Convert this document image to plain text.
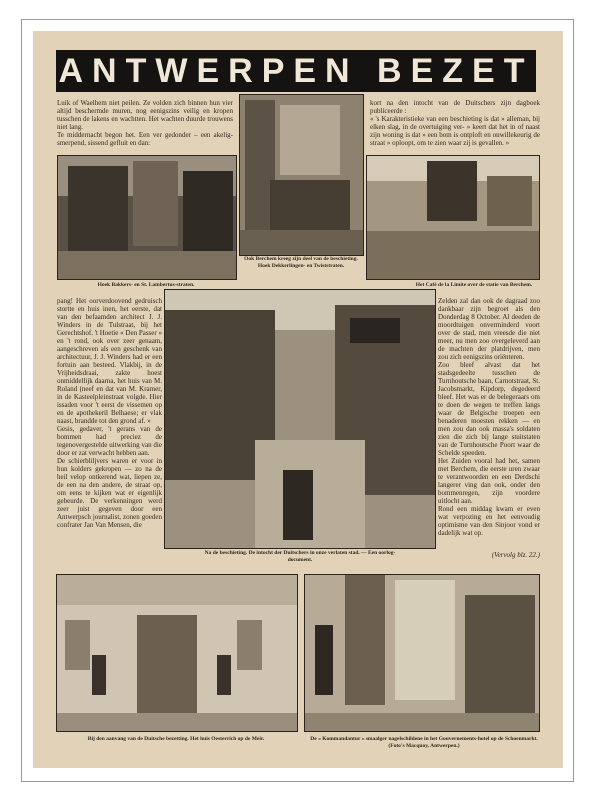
ANTWERPEN BEZET

Luik of Waelhem niet peilen. Ze volden zich binnen hun vier altijd beschermde muren, nog eenigszins veilig en kropen tusschen de lakens en wachtten. Het wachten duurde trouwens niet lang.

Te middernacht begon het. Een ver gedonder – een akelig-smerpend, sissend gefluit en dan:

kort na den intocht van de Duitschers zijn dagboek publiceerde :

« 's Karakteristieke van een beschieting is dat » alleman, bij elken slag, in de overtuiging ver- » keert dat het in of naast zijn woning is dat » een bom is ontploft en onwillekeurig de straat » oploopt, om te zien waar zij is gevallen. »

Hoek Bakkers- en St. Lambertus-straten.
Ook Berchem kreeg zijn deel van de beschieting. Hoek Dekkerlingen- en Twiststraten.
Het Café de la Limite over de statie van Berchem.

pang! Het oorverdoovend gedruisch stortte en huis inen, het eerste, dat van den befaamden architect J. J. Winders in de Tulstraat, bij het Gerechtshof. 't Hoetie « Den Passer » en 't rond, ook over zeer genaam, aangeschreven als een geschenk van architectuur, J. J. Winders had er een fortuin aan besteed. Vlakbij, in de Vrijheidsdraai, zakte hoest onmiddellijk daarna, het huis van M. Roland (neef en dat van M. Kramer, in de Kasteelpleinstraat volgde. Hier issaden voor 't eerst de vissemen op en de apothekeril Belhaese; er vlak naast, brandde tot den grond af. »

Gesis, gedaver, 't gerans van de bommen had preciez de tegenovergestelde uitwerking van die door er zat verwacht hebben aan.

De schierbliljvers waren er voor in hun kolders gekropen — zo na de heil velop ontkerend wat, liepen ze, de een na den andere, de straat op, om eens te kijken wat er eigenlijk gebeurde. De verkenningen werd zeer juist gegeven door een Antwerpsch journalist, zonen goeden confrater Jan Van Mensen, die

Na de beschieting. De intocht der Duitschers in onze verlaten stad. — Een oorlog-document.

Zelden zal dan ook de dagraad zoo dankbaar zijn begroet als den Donderdag 8 October. Al deeden de moordtuigen onverminderd voort over de stad, men vreesde die niet meer, nu men zoo overgeleverd aan de machten der platdrijven, men zou zich eenigszins oriënteren.

Zoo bleef alvast dat het stadsgedeelte tusschen de Turnhoutsche baan, Carnotstraat, St. Jacobsmarkt, Kipdorp, degedeerd bleef. Het was er de belegeraars om te doen de wegen te treffen langs waar de Belgische troepen een benaderen moesten rekken — en men zou dan ook massa's soldaten zien die zich bij lange stuitstaten van de Turnhoutsche Poort waar de Schelde speeden.

Het Zuiden vooral had het, samen met Berchem, die eerste uren zwaar te verantwoorden en een Derdschi langerer ving dan ook, onder den bommenregen, zijn voordere uitlocht aan.

Rond een middag kwam er even wat verpozing en het eenvoudig optimisme van den Sinjoor vond er dadelijk wat op.

(Vervolg blz. 22.)
Bij den aanvang van de Duitsche bezetting. Het huis Oesterrich op de Meir.	De « Kommandantur » smaalger nagelschildene in het Gouvernements-hotel op de Schoenmarkt. (Foto's Macquoy, Antwerpen.)
